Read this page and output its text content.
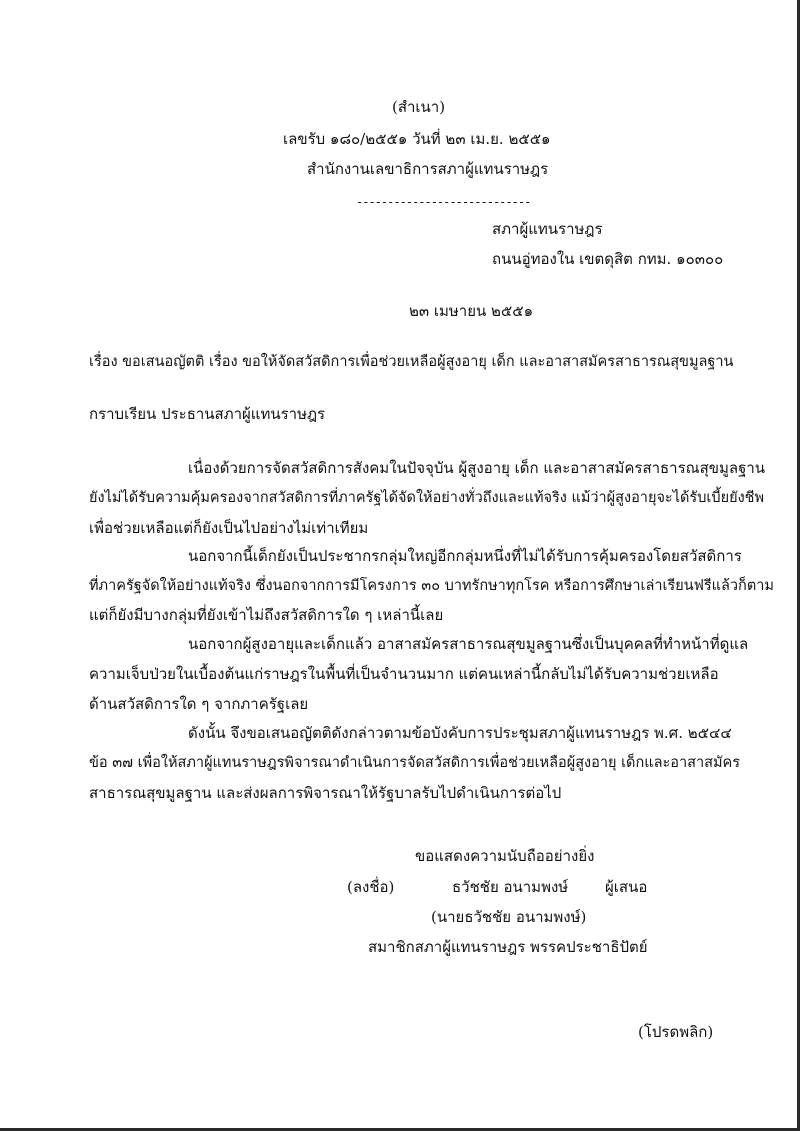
(สำเนา)
เลขรับ ๑๘๐/๒๕๕๑ วันที่ ๒๓ เม.ย. ๒๕๕๑
สำนักงานเลขาธิการสภาผู้แทนราษฎร
----------------------------
สภาผู้แทนราษฎร
ถนนอู่ทองใน เขตดุสิต กทม. ๑๐๓๐๐
๒๓ เมษายน ๒๕๕๑
เรื่อง ขอเสนอญัตติ เรื่อง ขอให้จัดสวัสดิการเพื่อช่วยเหลือผู้สูงอายุ เด็ก และอาสาสมัครสาธารณสุขมูลฐาน
กราบเรียน ประธานสภาผู้แทนราษฎร
เนื่องด้วยการจัดสวัสดิการสังคมในปัจจุบัน ผู้สูงอายุ เด็ก และอาสาสมัครสาธารณสุขมูลฐาน
ยังไม่ได้รับความคุ้มครองจากสวัสดิการที่ภาครัฐได้จัดให้อย่างทั่วถึงและแท้จริง แม้ว่าผู้สูงอายุจะได้รับเบี้ยยังชีพ
เพื่อช่วยเหลือแต่ก็ยังเป็นไปอย่างไม่เท่าเทียม
นอกจากนี้เด็กยังเป็นประชากรกลุ่มใหญ่อีกกลุ่มหนึ่งที่ไม่ได้รับการคุ้มครองโดยสวัสดิการ
ที่ภาครัฐจัดให้อย่างแท้จริง ซึ่งนอกจากการมีโครงการ ๓๐ บาทรักษาทุกโรค หรือการศึกษาเล่าเรียนฟรีแล้วก็ตาม
แต่ก็ยังมีบางกลุ่มที่ยังเข้าไม่ถึงสวัสดิการใด ๆ เหล่านี้เลย
นอกจากผู้สูงอายุและเด็กแล้ว อาสาสมัครสาธารณสุขมูลฐานซึ่งเป็นบุคคลที่ทำหน้าที่ดูแล
ความเจ็บป่วยในเบื้องต้นแก่ราษฎรในพื้นที่เป็นจำนวนมาก แต่คนเหล่านี้กลับไม่ได้รับความช่วยเหลือ
ด้านสวัสดิการใด ๆ จากภาครัฐเลย
ดังนั้น จึงขอเสนอญัตติดังกล่าวตามข้อบังคับการประชุมสภาผู้แทนราษฎร พ.ศ. ๒๕๔๔
ข้อ ๓๗ เพื่อให้สภาผู้แทนราษฎรพิจารณาดำเนินการจัดสวัสดิการเพื่อช่วยเหลือผู้สูงอายุ เด็กและอาสาสมัคร
สาธารณสุขมูลฐาน และส่งผลการพิจารณาให้รัฐบาลรับไปดำเนินการต่อไป
ขอแสดงความนับถืออย่างยิ่ง
(ลงชื่อ)	ธวัชชัย อนามพงษ์ ผู้เสนอ
(นายธวัชชัย อนามพงษ์)
สมาชิกสภาผู้แทนราษฎร พรรคประชาธิปัตย์
(โปรดพลิก)
